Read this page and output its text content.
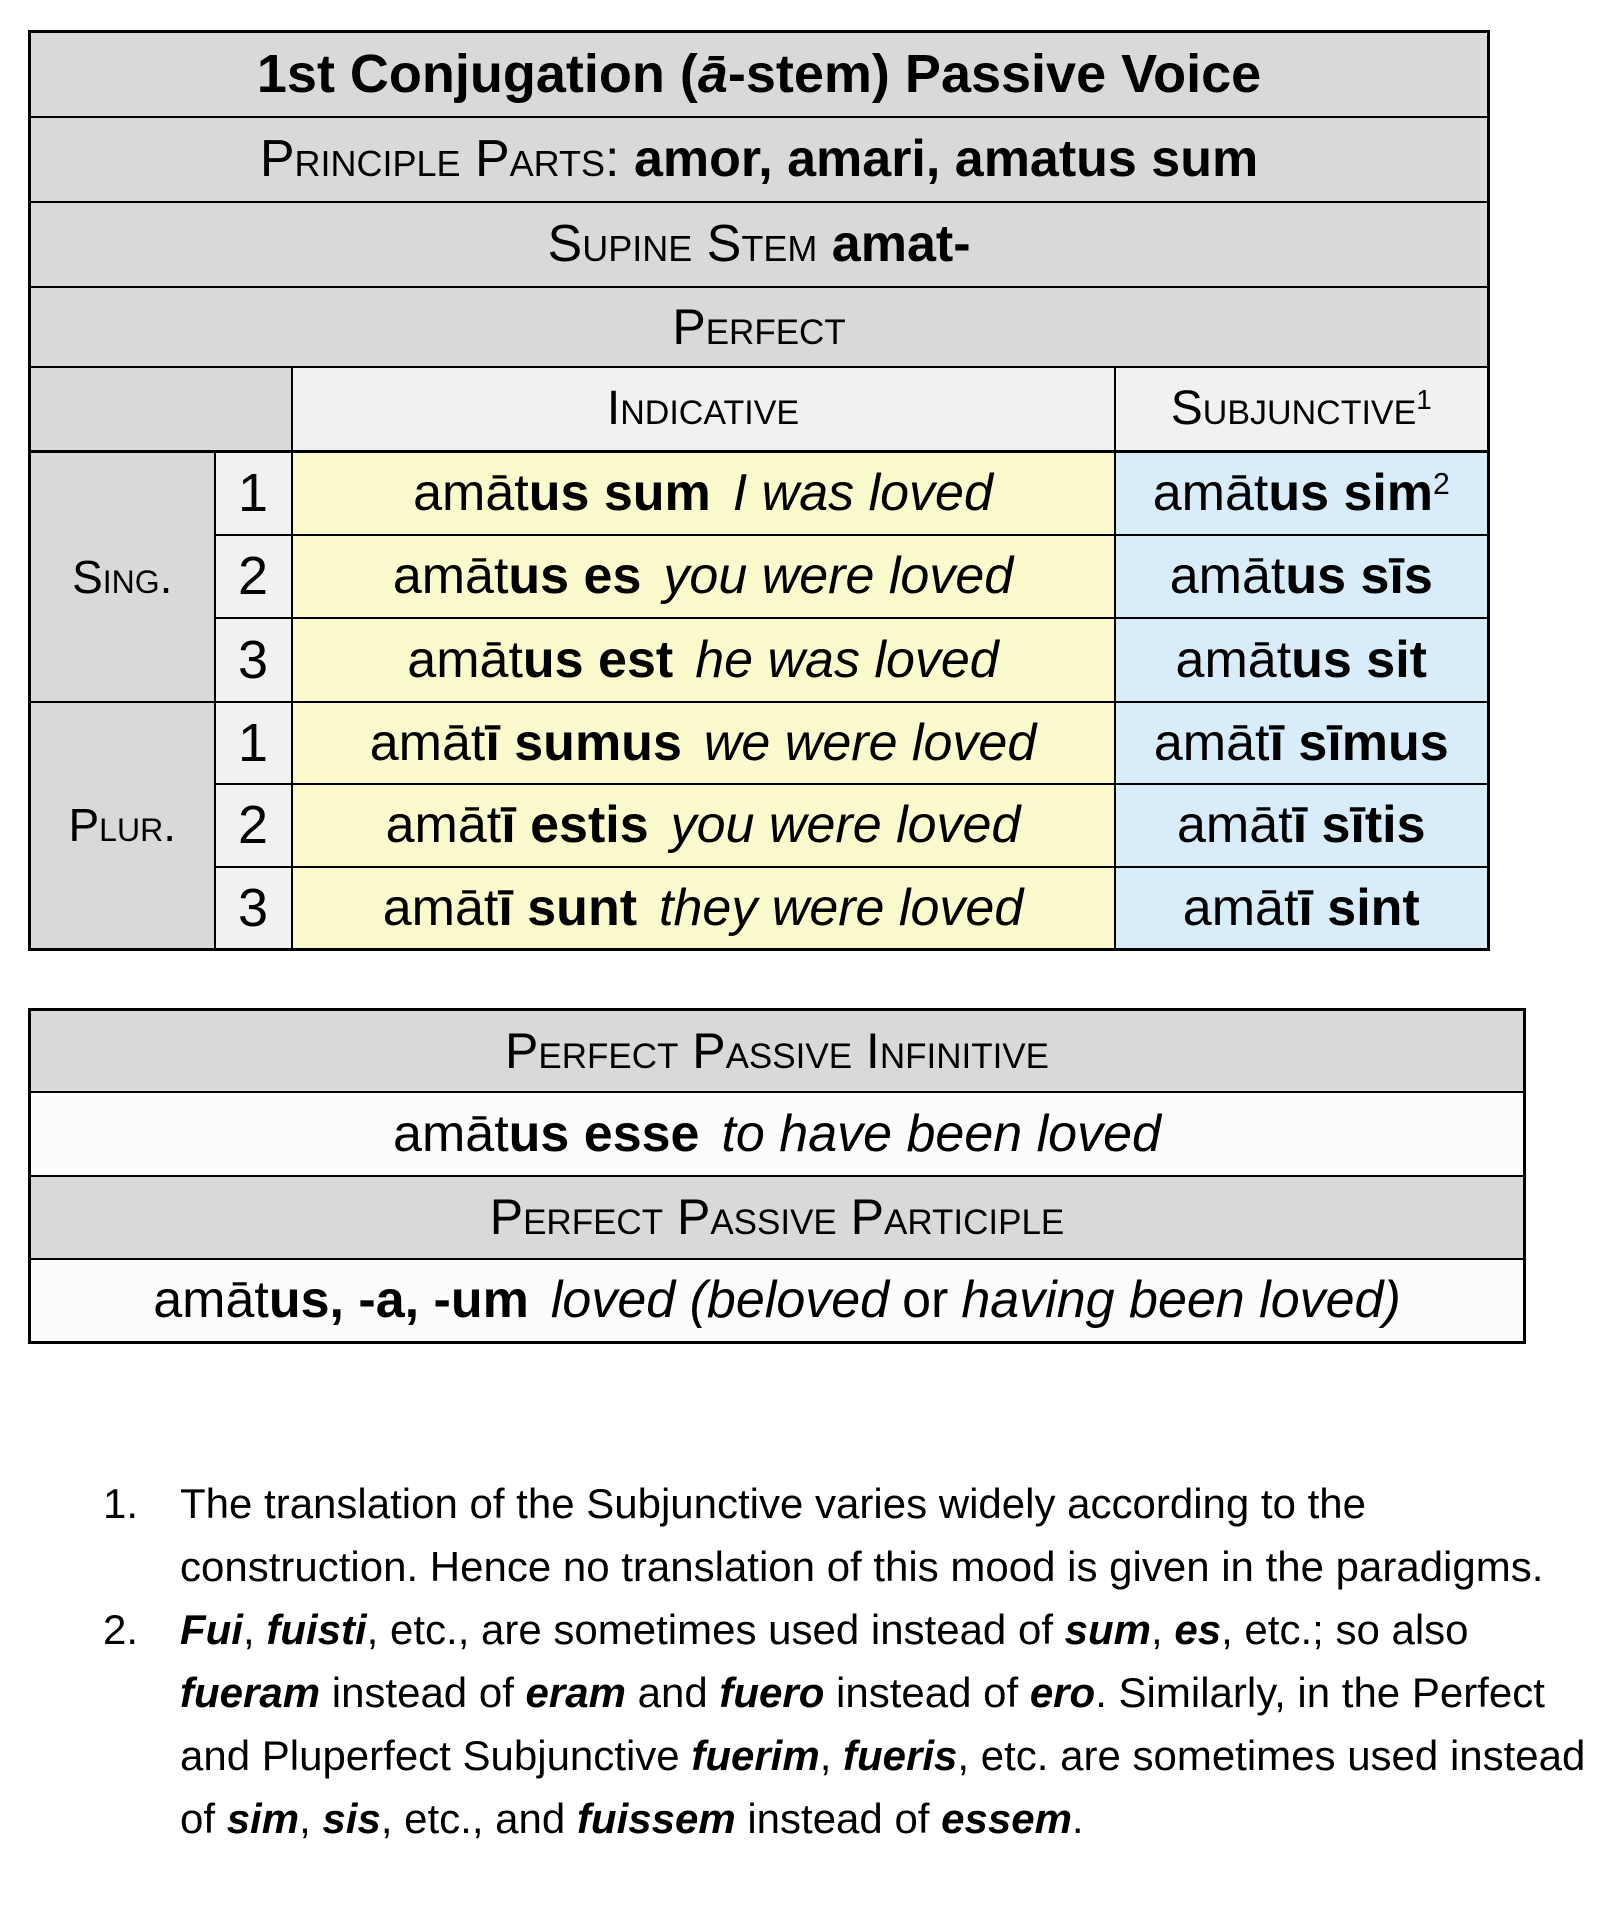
1st Conjugation (ā-stem) Passive Voice			
Principle Parts: amor, amari, amatus sum			
Supine Stem amat-			
Perfect			
		Indicative	Subjunctive$^1$
Sing.	1	amātus sum I was loved	amātus sim$^2$
	2	amātus es you were loved	amātus sīs
	3	amātus est he was loved	amātus sit
Plur.	1	amātī sumus we were loved	amātī sīmus
	2	amātī estis you were loved	amātī sītis
	3	amātī sunt they were loved	amātī sint
Perfect Passive Infinitive
amātus esse to have been loved
Perfect Passive Participle
amātus, -a, -um loved (beloved or having been loved)
1. The translation of the Subjunctive varies widely according to the construction. Hence no translation of this mood is given in the paradigms.
2. Fui, fuisti, etc., are sometimes used instead of sum, es, etc.; so also fueram instead of eram and fuero instead of ero. Similarly, in the Perfect and Pluperfect Subjunctive fuerim, fueris, etc. are sometimes used instead of sim, sis, etc., and fuissem instead of essem.
